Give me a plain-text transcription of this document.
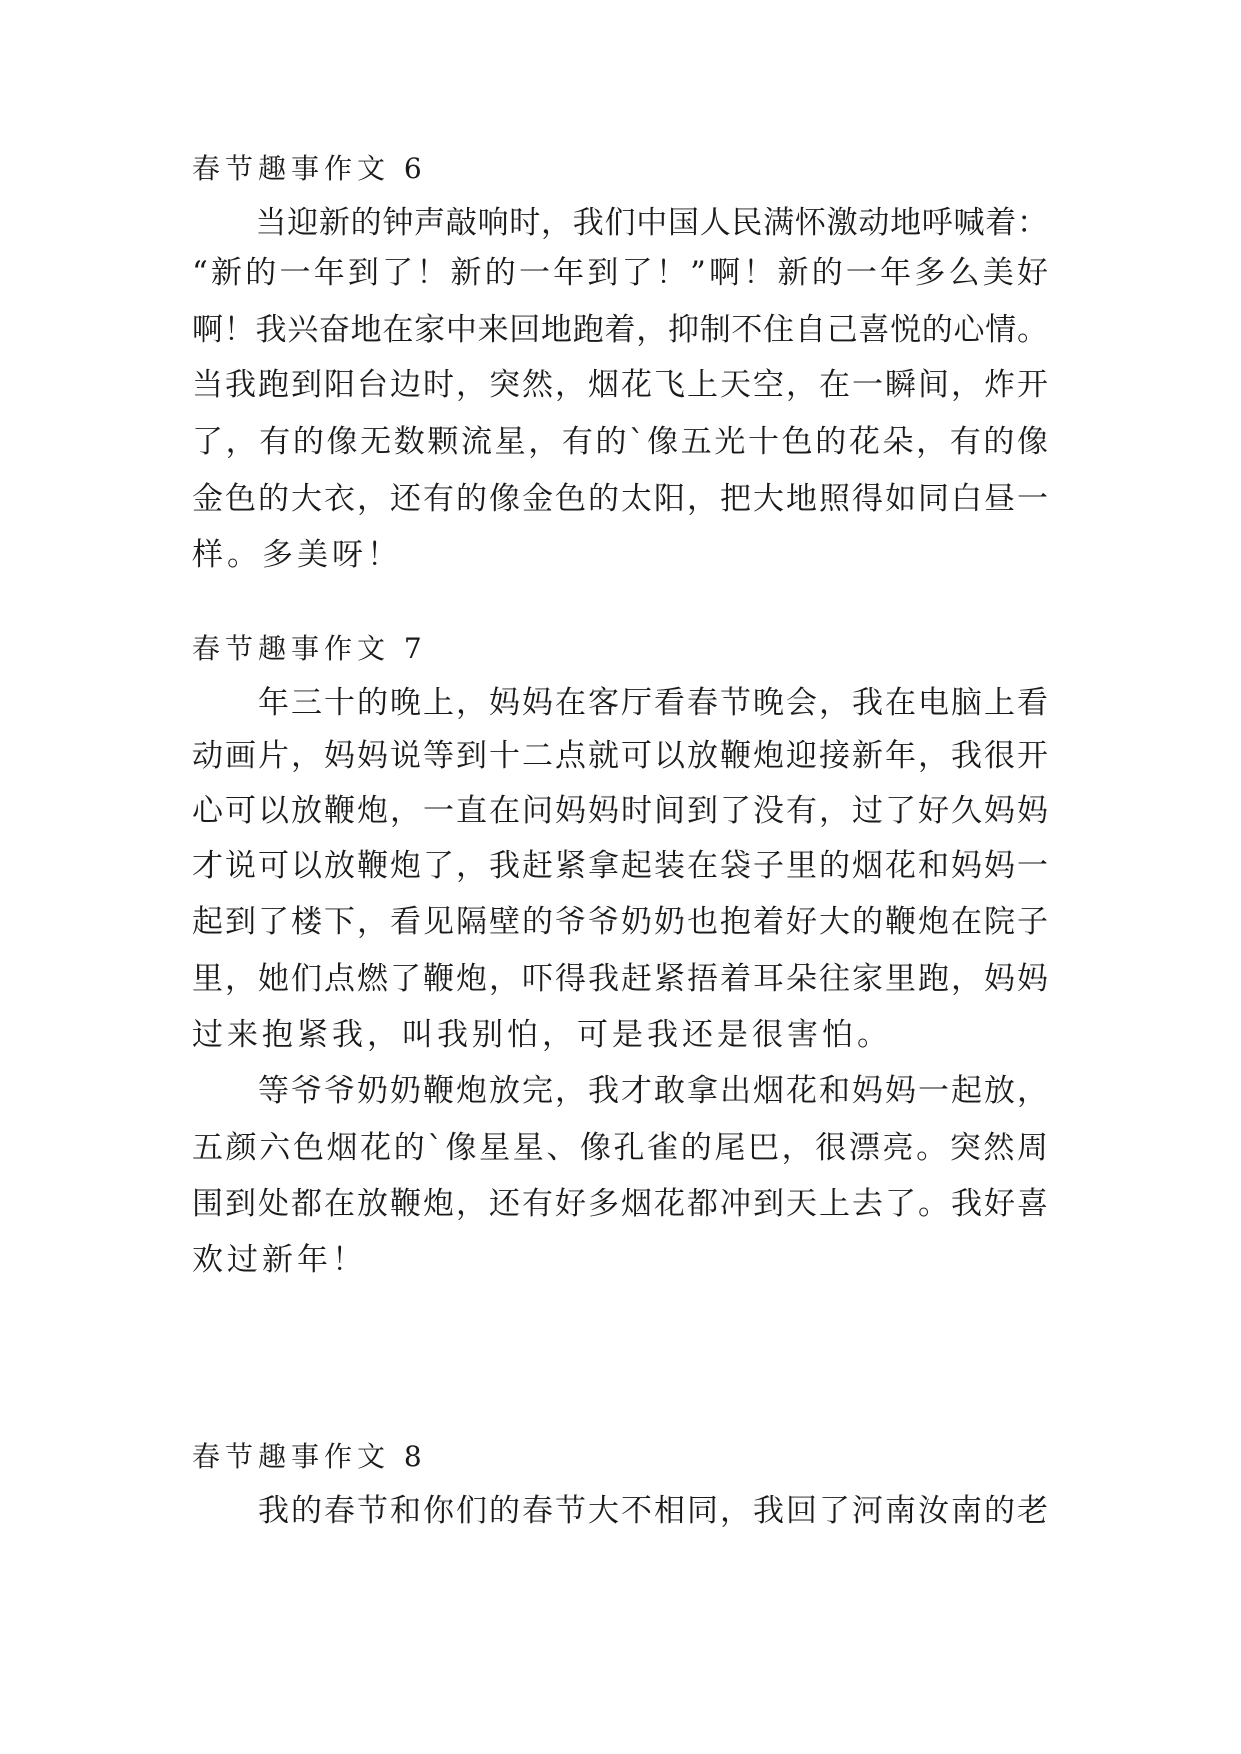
春节趣事作文 6
　　当迎新的钟声敲响时，我们中国人民满怀激动地呼喊着：
“新的一年到了！新的一年到了！”啊！新的一年多么美好
啊！我兴奋地在家中来回地跑着，抑制不住自己喜悦的心情。
当我跑到阳台边时，突然，烟花飞上天空，在一瞬间，炸开
了，有的像无数颗流星，有的`像五光十色的花朵，有的像
金色的大衣，还有的像金色的太阳，把大地照得如同白昼一
样。多美呀！
春节趣事作文 7
　　年三十的晚上，妈妈在客厅看春节晚会，我在电脑上看
动画片，妈妈说等到十二点就可以放鞭炮迎接新年，我很开
心可以放鞭炮，一直在问妈妈时间到了没有，过了好久妈妈
才说可以放鞭炮了，我赶紧拿起装在袋子里的烟花和妈妈一
起到了楼下，看见隔壁的爷爷奶奶也抱着好大的鞭炮在院子
里，她们点燃了鞭炮，吓得我赶紧捂着耳朵往家里跑，妈妈
过来抱紧我，叫我别怕，可是我还是很害怕。
　　等爷爷奶奶鞭炮放完，我才敢拿出烟花和妈妈一起放，
五颜六色烟花的`像星星、像孔雀的尾巴，很漂亮。突然周
围到处都在放鞭炮，还有好多烟花都冲到天上去了。我好喜
欢过新年！
春节趣事作文 8
　　我的春节和你们的春节大不相同，我回了河南汝南的老
